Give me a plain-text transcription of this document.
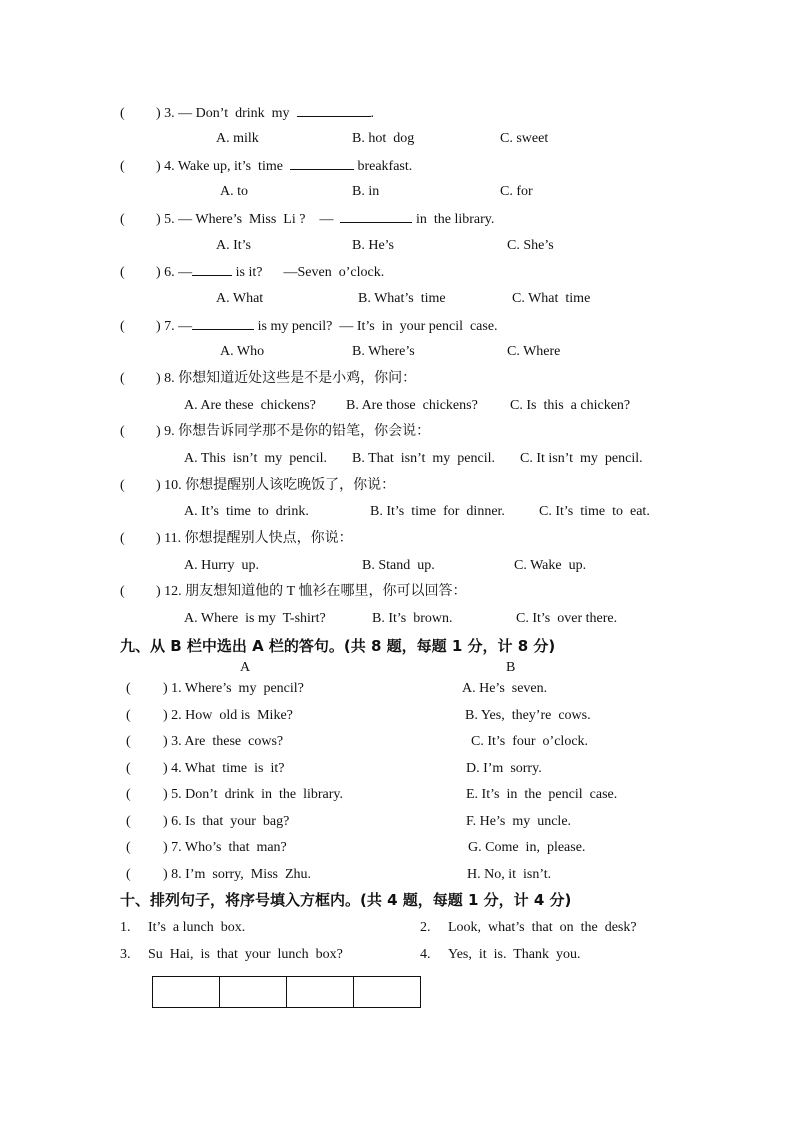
( ) 3. — Don’t  drink  my	.
A. milk	B. hot  dog	C. sweet
( ) 4. Wake up, it’s  time	breakfast.
A. to	B. in	C. for
( ) 5. — Where’s  Miss  Li ?    —	in  the library.
A. It’s	B. He’s	C. She’s
( ) 6. —	is it?      —Seven  o’clock.
A. What	B. What’s  time	C. What  time
( ) 7. —	is my pencil?  — It’s  in  your pencil  case.
A. Who	B. Where’s	C. Where
( ) 8. 你想知道近处这些是不是小鸡，你问：
A. Are these  chickens? B. Are those  chickens? C. Is  this  a chicken?
( ) 9. 你想告诉同学那不是你的铅笔，你会说：
A. This  isn’t  my  pencil. B. That  isn’t  my  pencil. C. It isn’t  my  pencil.
( ) 10. 你想提醒别人该吃晚饭了，你说：
A. It’s  time  to  drink.	B. It’s  time  for  dinner. C. It’s  time  to  eat.
( ) 11. 你想提醒别人快点，你说：
A. Hurry  up.	B. Stand  up.	C. Wake  up.
( ) 12. 朋友想知道他的 T 恤衫在哪里，你可以回答：
A. Where  is my  T-shirt?	B. It’s  brown.	C. It’s  over there.
九、从 B 栏中选出 A 栏的答句。(共 8 题，每题 1 分，计 8 分)
A	B
( ) 1. Where’s  my  pencil?	A. He’s  seven.
( ) 2. How  old is  Mike?	B. Yes,  they’re  cows.
( ) 3. Are  these  cows?	C. It’s  four  o’clock.
( ) 4. What  time  is  it?	D. I’m  sorry.
( ) 5. Don’t  drink  in  the  library.	E. It’s  in  the  pencil  case.
( ) 6. Is  that  your  bag?	F. He’s  my  uncle.
( ) 7. Who’s  that  man?	G. Come  in,  please.
( ) 8. I’m  sorry,  Miss  Zhu.	H. No, it  isn’t.
十、排列句子，将序号填入方框内。(共 4 题，每题 1 分，计 4 分)
1. It’s  a lunch  box.	2. Look,  what’s  that  on  the  desk?
3. Su  Hai,  is  that  your  lunch  box?	4. Yes,  it  is.  Thank  you.
